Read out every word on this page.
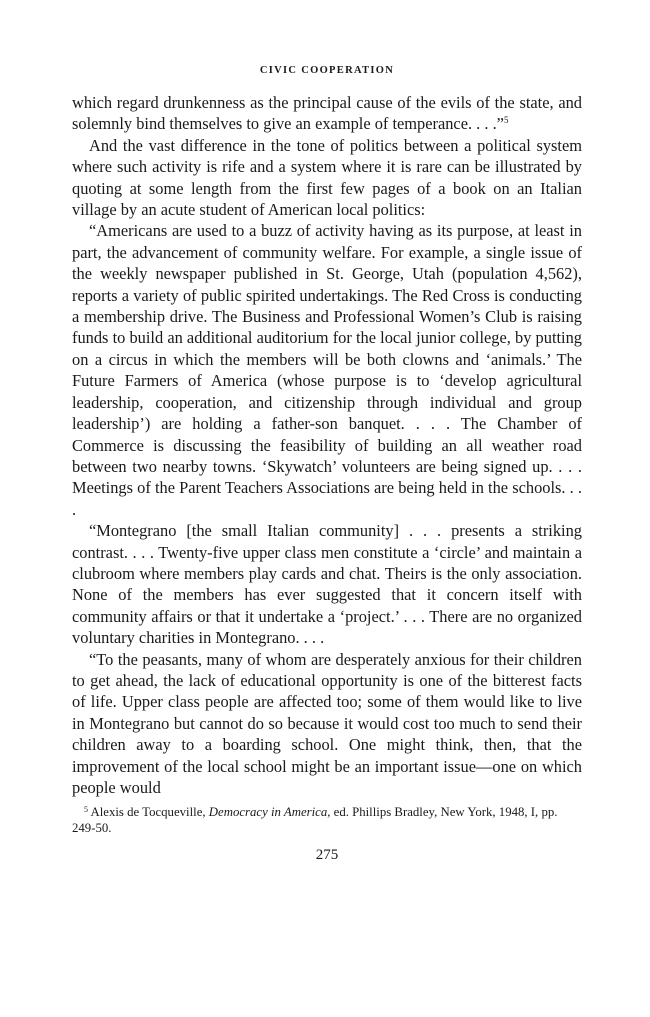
CIVIC COOPERATION

which regard drunkenness as the principal cause of the evils of the state, and solemnly bind themselves to give an example of temperance. . . .”$^5$

And the vast difference in the tone of politics between a political system where such activity is rife and a system where it is rare can be illustrated by quoting at some length from the first few pages of a book on an Italian village by an acute student of American local politics:

“Americans are used to a buzz of activity having as its purpose, at least in part, the advancement of community welfare. For example, a single issue of the weekly newspaper published in St. George, Utah (population 4,562), reports a variety of public spirited undertakings. The Red Cross is conducting a membership drive. The Business and Professional Women’s Club is raising funds to build an additional auditorium for the local junior college, by putting on a circus in which the members will be both clowns and ‘animals.’ The Future Farmers of America (whose purpose is to ‘develop agricultural leadership, cooperation, and citizenship through individual and group leadership’) are holding a father-son banquet. . . . The Chamber of Commerce is discussing the feasibility of building an all weather road between two nearby towns. ‘Skywatch’ volunteers are being signed up. . . . Meetings of the Parent Teachers Associations are being held in the schools. . . .

“Montegrano [the small Italian community] . . . presents a striking contrast. . . . Twenty-five upper class men constitute a ‘circle’ and maintain a clubroom where members play cards and chat. Theirs is the only association. None of the members has ever suggested that it concern itself with community affairs or that it undertake a ‘project.’ . . . There are no organized voluntary charities in Montegrano. . . .

“To the peasants, many of whom are desperately anxious for their children to get ahead, the lack of educational opportunity is one of the bitterest facts of life. Upper class people are affected too; some of them would like to live in Montegrano but cannot do so because it would cost too much to send their children away to a boarding school. One might think, then, that the improvement of the local school might be an important issue—one on which people would

$^5$ Alexis de Tocqueville, Democracy in America, ed. Phillips Bradley, New York, 1948, I, pp. 249-50.

275
